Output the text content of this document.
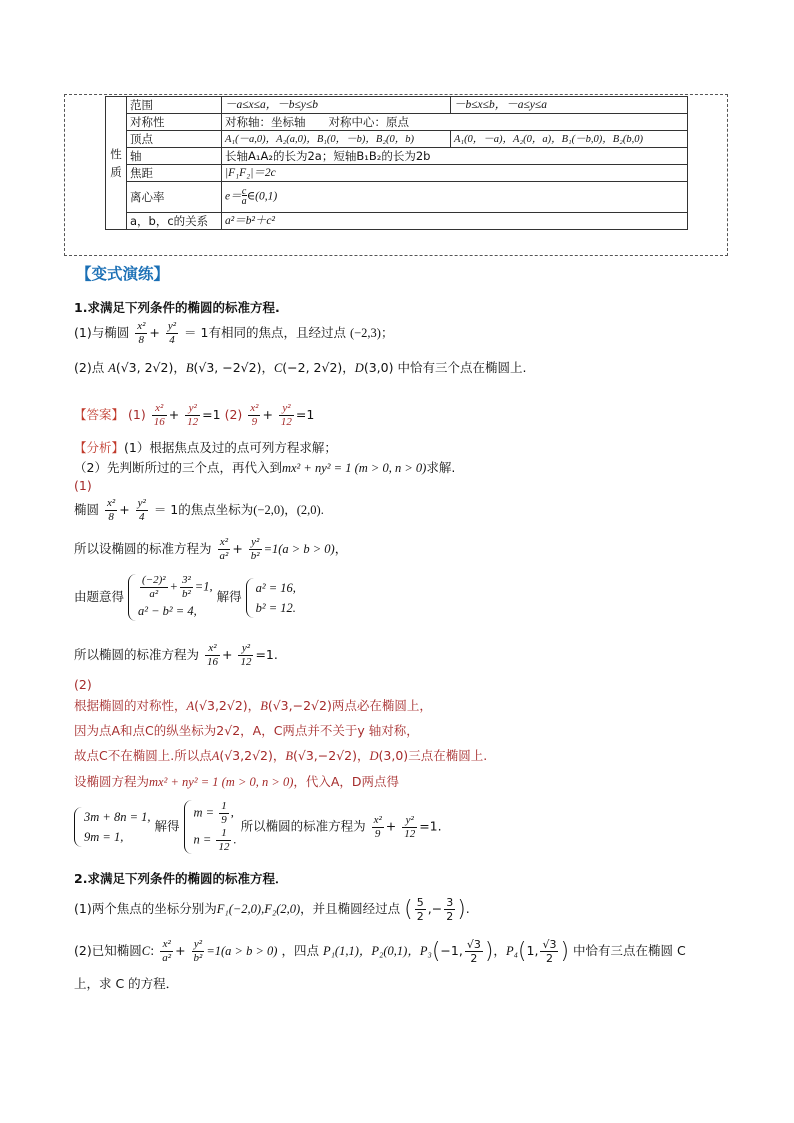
性
质	范围	－a≤x≤a，－b≤y≤b	－b≤x≤b，－a≤y≤a
	对称性	对称轴：坐标轴　　对称中心：原点	
	顶点	A₁(－a,0)，A₂(a,0)，B₁(0，－b)，B₂(0，b)	A₁(0，－a)，A₂(0，a)，B₁(－b,0)，B₂(b,0)
	轴	长轴A₁A₂的长为2a；短轴B₁B₂的长为2b	
	焦距	|F₁F₂|＝2c	
	离心率	$e=\frac{c}{a}\in(0,1)$	
	a，b，c的关系	a²＝b²＋c²	
【变式演练】
1.求满足下列条件的椭圆的标准方程.
(1)与椭圆 $\frac{\text{x²}}{8} + \frac{\text{y²}}{4} = 1$有相同的焦点，且经过点 (−2,3)；
(2)点 A(√3, 2√2)，B(√3, −2√2)，C(−2, 2√2)，D(3,0) 中恰有三个点在椭圆上.
【答案】 $(1) \frac{\text{x²}}{16} + \frac{\text{y²}}{12} =1$ $(2) \frac{\text{x²}}{9} + \frac{\text{y²}}{12} =1$
【分析】(1）根据焦点及过的点可列方程求解；
（2）先判断所过的三个点，再代入到mx² + ny² = 1 (m > 0, n > 0)求解.
(1)
椭圆 $\frac{\text{x²}}{8} + \frac{\text{y²}}{4} = 1$的焦点坐标为(−2,0)，(2,0).
所以设椭圆的标准方程为 $\frac{\text{x²}}{\text{a²}} + \frac{\text{y²}}{\text{b²}} =1(a > b > 0)$，
由题意得 $\frac{\text{(−2)²}}{\text{a²}} + \frac{\text{3²}}{\text{b²}} =1$,
a² − b² = 4,
解得
a² = 16,
b² = 12.
所以椭圆的标准方程为 $\frac{\text{x²}}{16} + \frac{\text{y²}}{12} =1$.
(2)
根据椭圆的对称性，A(√3,2√2)，B(√3,−2√2)两点必在椭圆上，
因为点A和点C的纵坐标为2√2，A，C两点并不关于y 轴对称，
故点C不在椭圆上.所以点A(√3,2√2)，B(√3,−2√2)，D(3,0)三点在椭圆上.
设椭圆方程为mx² + ny² = 1 (m > 0, n > 0)，代入A，D两点得
3m + 8n = 1,
9m = 1,
解得
$m = \frac{1}{9}$ ,
$n = \frac{1}{12}$ .
所以椭圆的标准方程为 $\frac{\text{x²}}{9} + \frac{\text{y²}}{12} =1$.
2.求满足下列条件的椭圆的标准方程．
(1)两个焦点的坐标分别为F₁(−2,0),F₂(2,0)，并且椭圆经过点 ( $\frac{5}{2}$ ,− $\frac{3}{2}$ ).
(2)已知椭圆C: $\frac{\text{x²}}{\text{a²}} + \frac{\text{y²}}{\text{b²}} =1(a > b > 0)$ ，四点 P₁(1,1)，P₂(0,1)，P₃(−1, $\frac{√3}{2}$ )，P₄(1, $\frac{√3}{2}$ ) 中恰有三点在椭圆 C
上，求 C 的方程．
